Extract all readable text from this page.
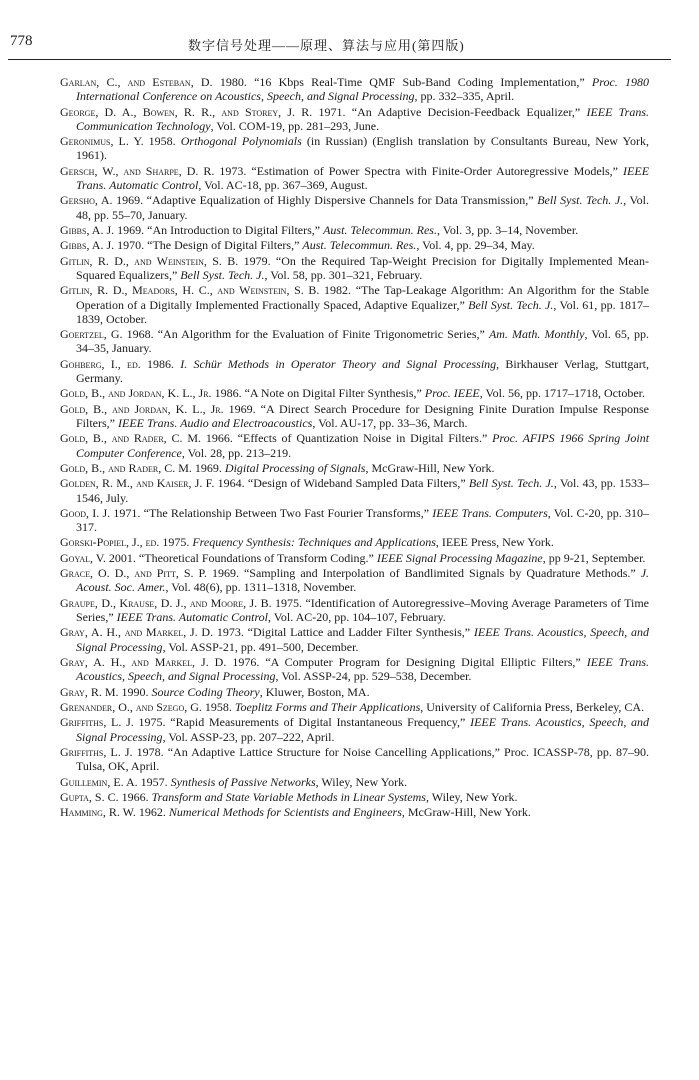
778	数字信号处理——原理、算法与应用(第四版)

Garlan, C., and Esteban, D. 1980. “16 Kbps Real-Time QMF Sub-Band Coding Implementation,” Proc. 1980 International Conference on Acoustics, Speech, and Signal Processing, pp. 332–335, April.

George, D. A., Bowen, R. R., and Storey, J. R. 1971. “An Adaptive Decision-Feedback Equalizer,” IEEE Trans. Communication Technology, Vol. COM-19, pp. 281–293, June.

Geronimus, L. Y. 1958. Orthogonal Polynomials (in Russian) (English translation by Consultants Bureau, New York, 1961).

Gersch, W., and Sharpe, D. R. 1973. “Estimation of Power Spectra with Finite-Order Autoregressive Models,” IEEE Trans. Automatic Control, Vol. AC-18, pp. 367–369, August.

Gersho, A. 1969. “Adaptive Equalization of Highly Dispersive Channels for Data Transmission,” Bell Syst. Tech. J., Vol. 48, pp. 55–70, January.

Gibbs, A. J. 1969. “An Introduction to Digital Filters,” Aust. Telecommun. Res., Vol. 3, pp. 3–14, November.

Gibbs, A. J. 1970. “The Design of Digital Filters,” Aust. Telecommun. Res., Vol. 4, pp. 29–34, May.

Gitlin, R. D., and Weinstein, S. B. 1979. “On the Required Tap-Weight Precision for Digitally Implemented Mean-Squared Equalizers,” Bell Syst. Tech. J., Vol. 58, pp. 301–321, February.

Gitlin, R. D., Meadors, H. C., and Weinstein, S. B. 1982. “The Tap-Leakage Algorithm: An Algorithm for the Stable Operation of a Digitally Implemented Fractionally Spaced, Adaptive Equalizer,” Bell Syst. Tech. J., Vol. 61, pp. 1817–1839, October.

Goertzel, G. 1968. “An Algorithm for the Evaluation of Finite Trigonometric Series,” Am. Math. Monthly, Vol. 65, pp. 34–35, January.

Gohberg, I., ed. 1986. I. Schür Methods in Operator Theory and Signal Processing, Birkhauser Verlag, Stuttgart, Germany.

Gold, B., and Jordan, K. L., Jr. 1986. “A Note on Digital Filter Synthesis,” Proc. IEEE, Vol. 56, pp. 1717–1718, October.

Gold, B., and Jordan, K. L., Jr. 1969. “A Direct Search Procedure for Designing Finite Duration Impulse Response Filters,” IEEE Trans. Audio and Electroacoustics, Vol. AU-17, pp. 33–36, March.

Gold, B., and Rader, C. M. 1966. “Effects of Quantization Noise in Digital Filters.” Proc. AFIPS 1966 Spring Joint Computer Conference, Vol. 28, pp. 213–219.

Gold, B., and Rader, C. M. 1969. Digital Processing of Signals, McGraw-Hill, New York.

Golden, R. M., and Kaiser, J. F. 1964. “Design of Wideband Sampled Data Filters,” Bell Syst. Tech. J., Vol. 43, pp. 1533–1546, July.

Good, I. J. 1971. “The Relationship Between Two Fast Fourier Transforms,” IEEE Trans. Computers, Vol. C-20, pp. 310–317.

Gorski-Popiel, J., ed. 1975. Frequency Synthesis: Techniques and Applications, IEEE Press, New York.

Goyal, V. 2001. “Theoretical Foundations of Transform Coding.” IEEE Signal Processing Magazine, pp 9-21, September.

Grace, O. D., and Pitt, S. P. 1969. “Sampling and Interpolation of Bandlimited Signals by Quadrature Methods.” J. Acoust. Soc. Amer., Vol. 48(6), pp. 1311–1318, November.

Graupe, D., Krause, D. J., and Moore, J. B. 1975. “Identification of Autoregressive–Moving Average Parameters of Time Series,” IEEE Trans. Automatic Control, Vol. AC-20, pp. 104–107, February.

Gray, A. H., and Markel, J. D. 1973. “Digital Lattice and Ladder Filter Synthesis,” IEEE Trans. Acoustics, Speech, and Signal Processing, Vol. ASSP-21, pp. 491–500, December.

Gray, A. H., and Markel, J. D. 1976. “A Computer Program for Designing Digital Elliptic Filters,” IEEE Trans. Acoustics, Speech, and Signal Processing, Vol. ASSP-24, pp. 529–538, December.

Gray, R. M. 1990. Source Coding Theory, Kluwer, Boston, MA.

Grenander, O., and Szego, G. 1958. Toeplitz Forms and Their Applications, University of California Press, Berkeley, CA.

Griffiths, L. J. 1975. “Rapid Measurements of Digital Instantaneous Frequency,” IEEE Trans. Acoustics, Speech, and Signal Processing, Vol. ASSP-23, pp. 207–222, April.

Griffiths, L. J. 1978. “An Adaptive Lattice Structure for Noise Cancelling Applications,” Proc. ICASSP-78, pp. 87–90. Tulsa, OK, April.

Guillemin, E. A. 1957. Synthesis of Passive Networks, Wiley, New York.

Gupta, S. C. 1966. Transform and State Variable Methods in Linear Systems, Wiley, New York.

Hamming, R. W. 1962. Numerical Methods for Scientists and Engineers, McGraw-Hill, New York.
